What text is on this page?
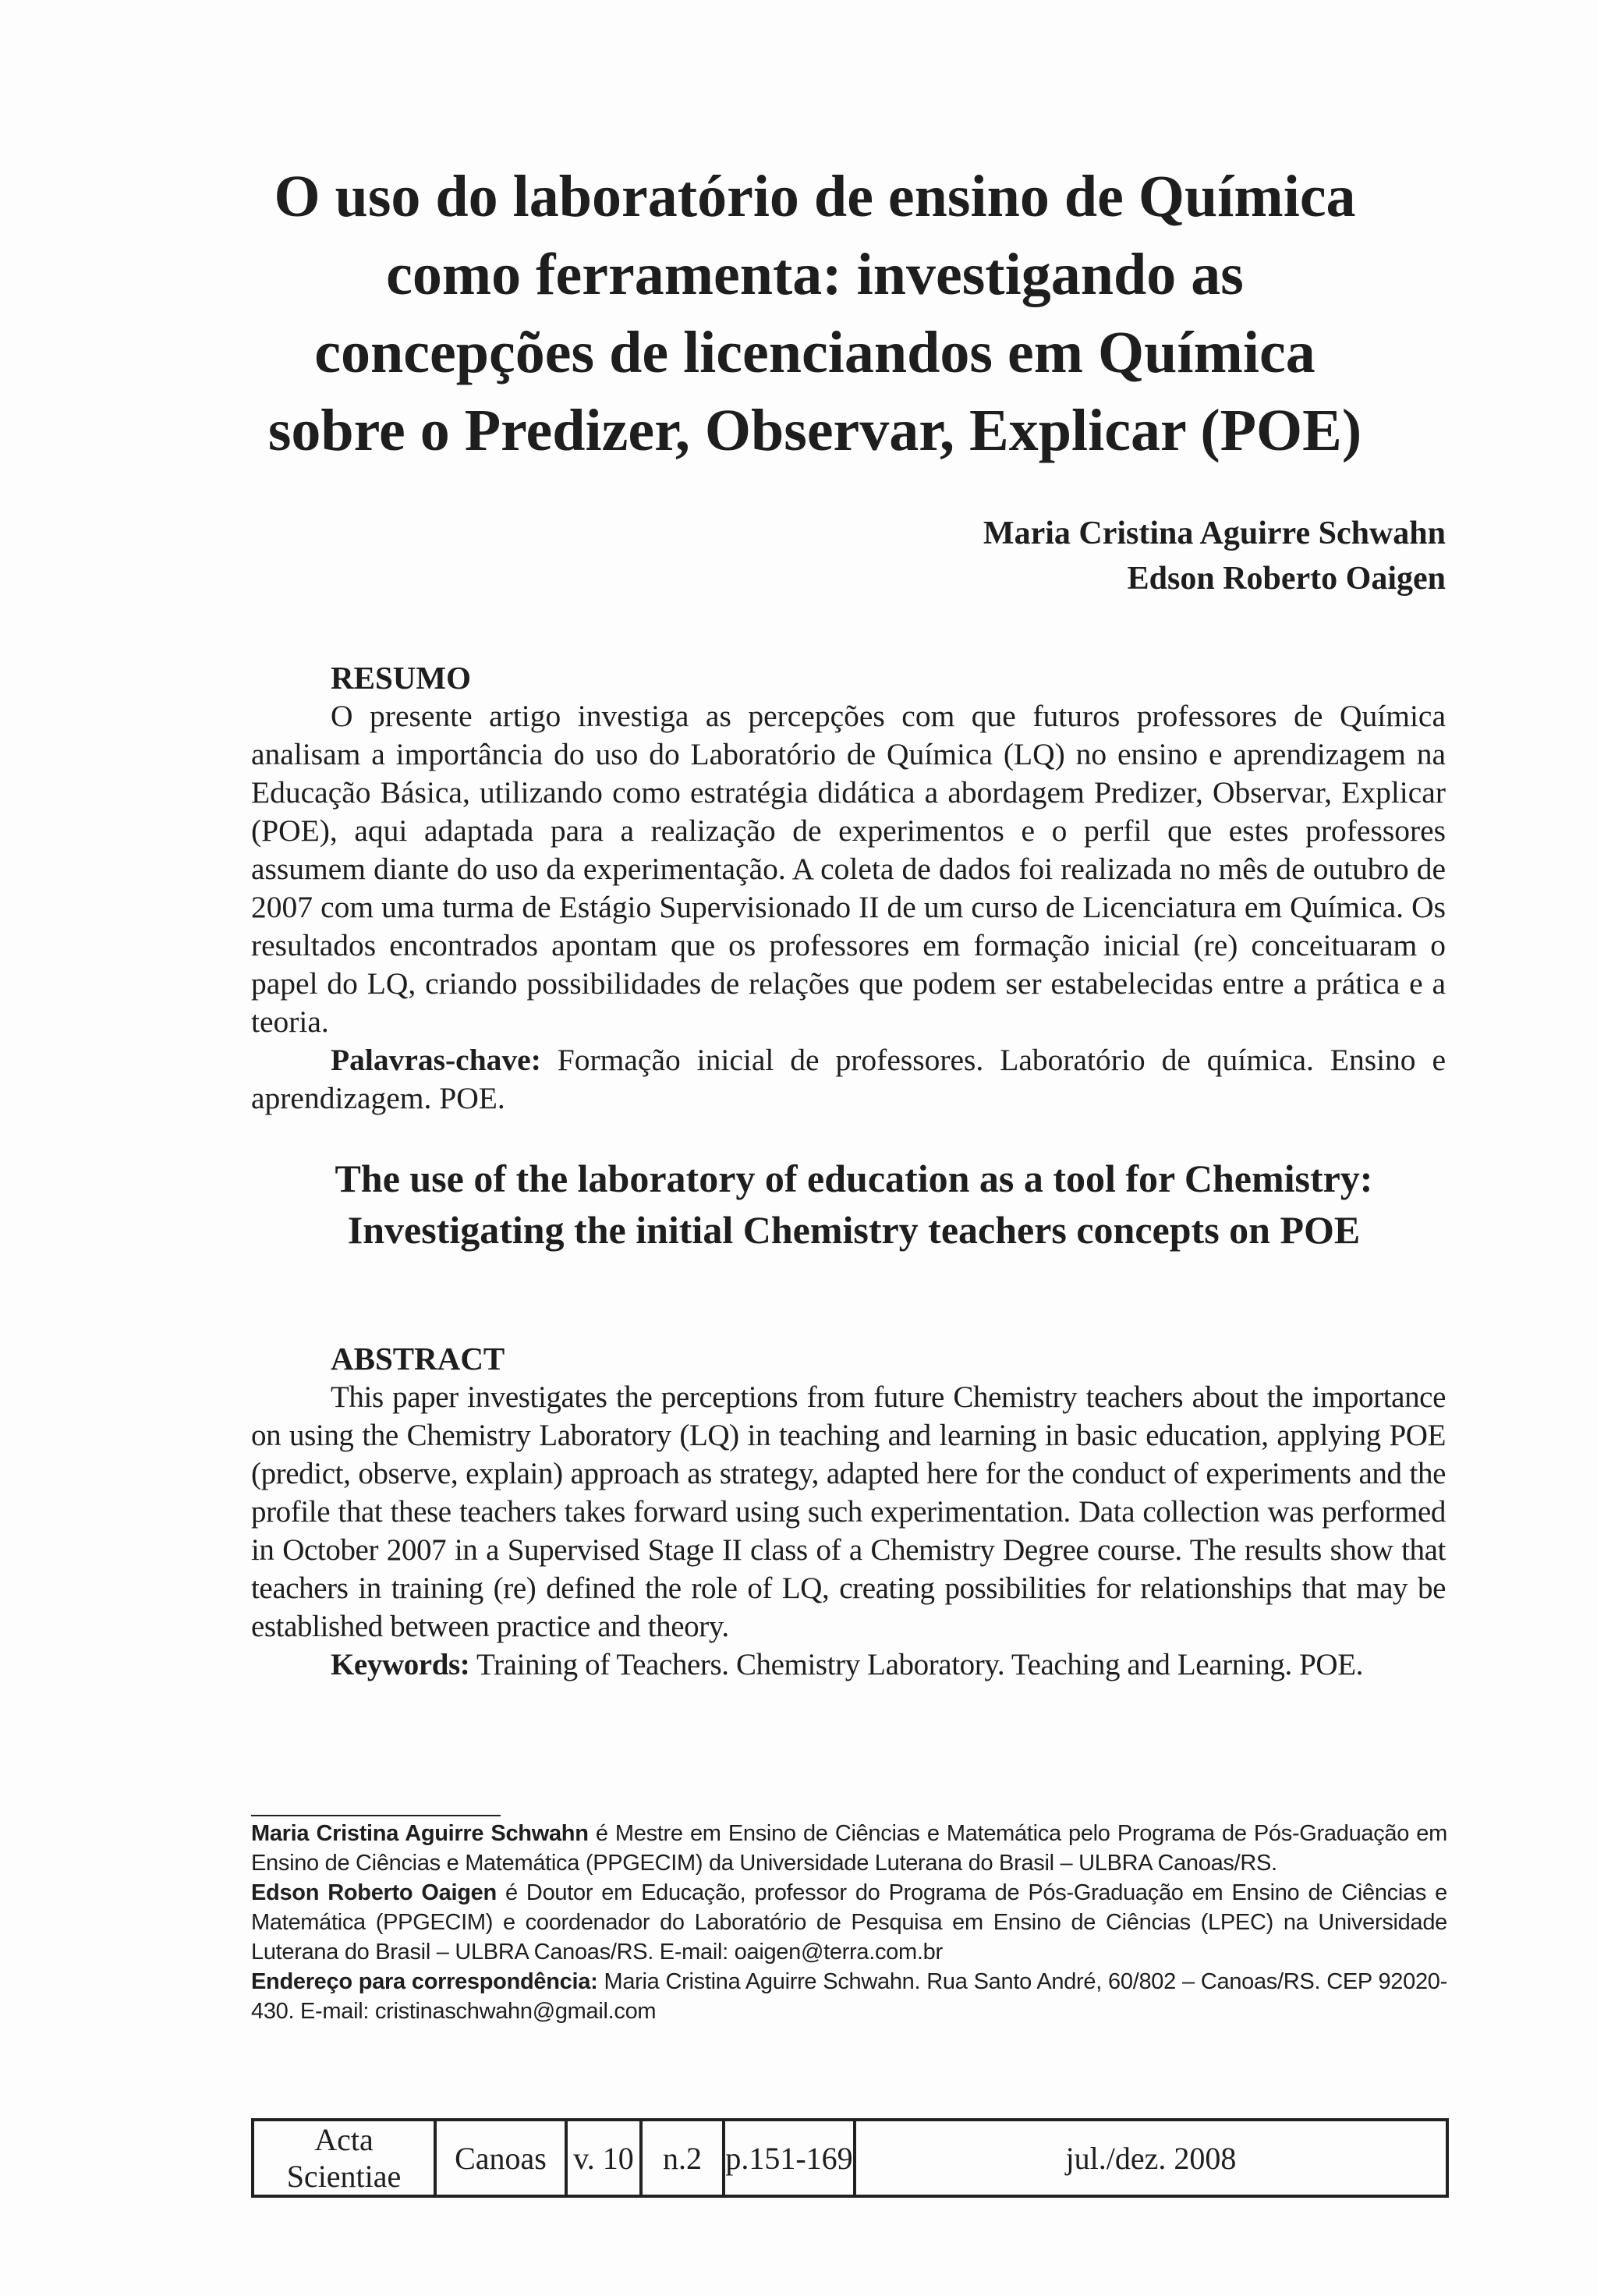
O uso do laboratório de ensino de Química
como ferramenta: investigando as
concepções de licenciandos em Química
sobre o Predizer, Observar, Explicar (POE)
Maria Cristina Aguirre Schwahn
Edson Roberto Oaigen
RESUMO

O presente artigo investiga as percepções com que futuros professores de Química analisam a importância do uso do Laboratório de Química (LQ) no ensino e aprendizagem na Educação Básica, utilizando como estratégia didática a abordagem Predizer, Observar, Explicar (POE), aqui adaptada para a realização de experimentos e o perfil que estes professores assumem diante do uso da experimentação. A coleta de dados foi realizada no mês de outubro de 2007 com uma turma de Estágio Supervisionado II de um curso de Licenciatura em Química. Os resultados encontrados apontam que os professores em formação inicial (re) conceituaram o papel do LQ, criando possibilidades de relações que podem ser estabelecidas entre a prática e a teoria.

Palavras-chave: Formação inicial de professores. Laboratório de química. Ensino e aprendizagem. POE.

The use of the laboratory of education as a tool for Chemistry:
Investigating the initial Chemistry teachers concepts on POE
ABSTRACT

This paper investigates the perceptions from future Chemistry teachers about the importance on using the Chemistry Laboratory (LQ) in teaching and learning in basic education, applying POE (predict, observe, explain) approach as strategy, adapted here for the conduct of experiments and the profile that these teachers takes forward using such experimentation. Data collection was performed in October 2007 in a Supervised Stage II class of a Chemistry Degree course. The results show that teachers in training (re) defined the role of LQ, creating possibilities for relationships that may be established between practice and theory.

Keywords: Training of Teachers. Chemistry Laboratory. Teaching and Learning. POE.

Maria Cristina Aguirre Schwahn é Mestre em Ensino de Ciências e Matemática pelo Programa de Pós-Graduação em Ensino de Ciências e Matemática (PPGECIM) da Universidade Luterana do Brasil – ULBRA Canoas/RS.

Edson Roberto Oaigen é Doutor em Educação, professor do Programa de Pós-Graduação em Ensino de Ciências e Matemática (PPGECIM) e coordenador do Laboratório de Pesquisa em Ensino de Ciências (LPEC) na Universidade Luterana do Brasil – ULBRA Canoas/RS. E-mail: oaigen@terra.com.br

Endereço para correspondência: Maria Cristina Aguirre Schwahn. Rua Santo André, 60/802 – Canoas/RS. CEP 92020-430. E-mail: cristinaschwahn@gmail.com

Acta Scientiae	Canoas	v. 10	n.2	p.151-169	jul./dez. 2008
